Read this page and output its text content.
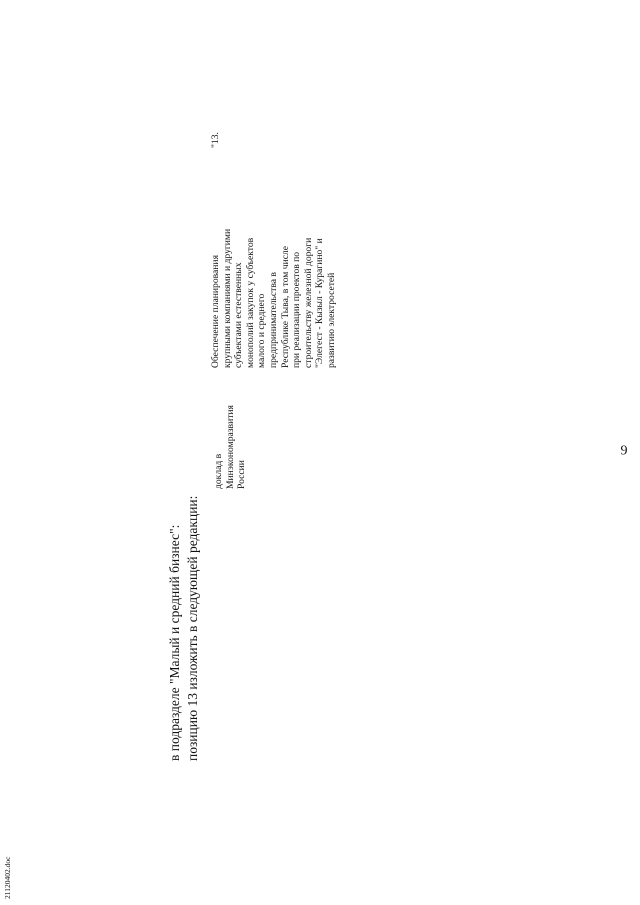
9
21120402.doc
в подразделе "Малый и средний бизнес": позицию 13 изложить в следующей редакции:
"13.
Обеспечение планирования
крупными компаниями и другими
субъектами естественных
монополий закупок у субъектов
малого и среднего
предпринимательства в
Республике Тыва, в том числе
при реализации проектов по
строительству железной дороги
"Элегест - Кызыл - Курагино" и
развитию электросетей
доклад в
Минэкономразвития
России
